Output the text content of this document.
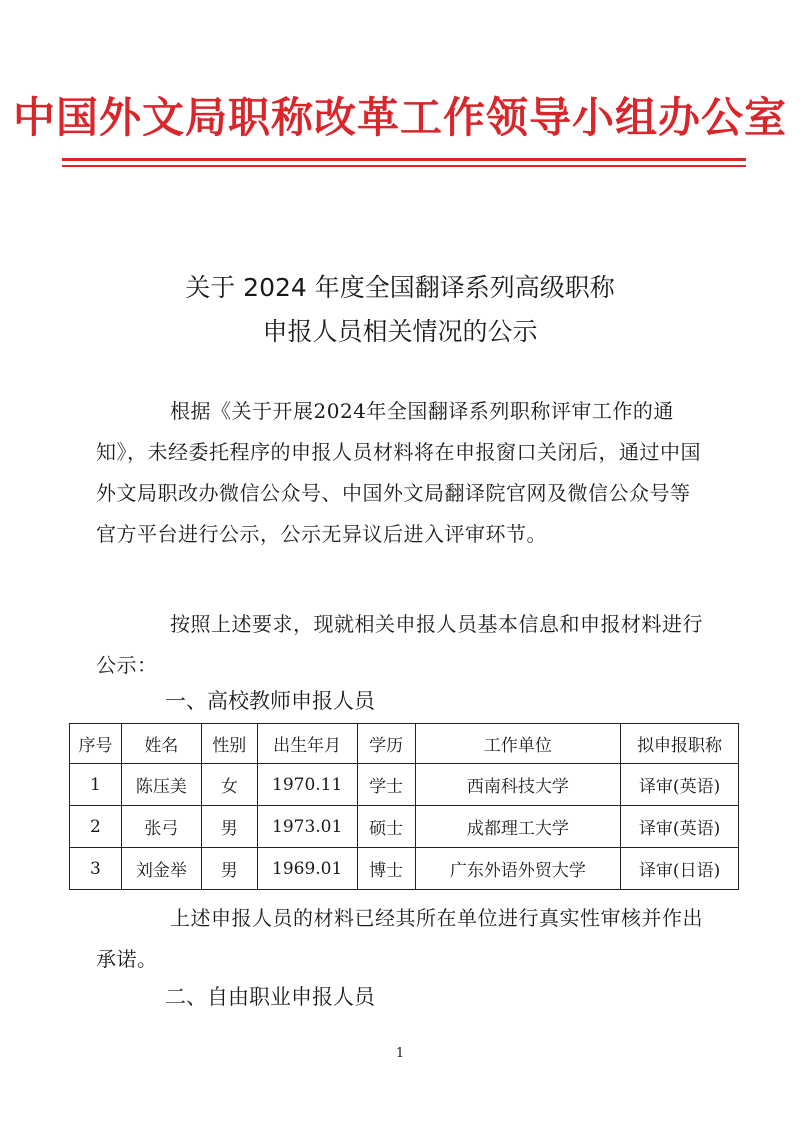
中国外文局职称改革工作领导小组办公室
关于 2024 年度全国翻译系列高级职称
申报人员相关情况的公示
根据《关于开展2024年全国翻译系列职称评审工作的通知》，未经委托程序的申报人员材料将在申报窗口关闭后，通过中国外文局职改办微信公众号、中国外文局翻译院官网及微信公众号等官方平台进行公示，公示无异议后进入评审环节。
按照上述要求，现就相关申报人员基本信息和申报材料进行公示：
一、高校教师申报人员
序号	姓名	性别	出生年月	学历	工作单位	拟申报职称
1	陈压美	女	1970.11	学士	西南科技大学	译审(英语)
2	张弓	男	1973.01	硕士	成都理工大学	译审(英语)
3	刘金举	男	1969.01	博士	广东外语外贸大学	译审(日语)
上述申报人员的材料已经其所在单位进行真实性审核并作出承诺。
二、自由职业申报人员
1
